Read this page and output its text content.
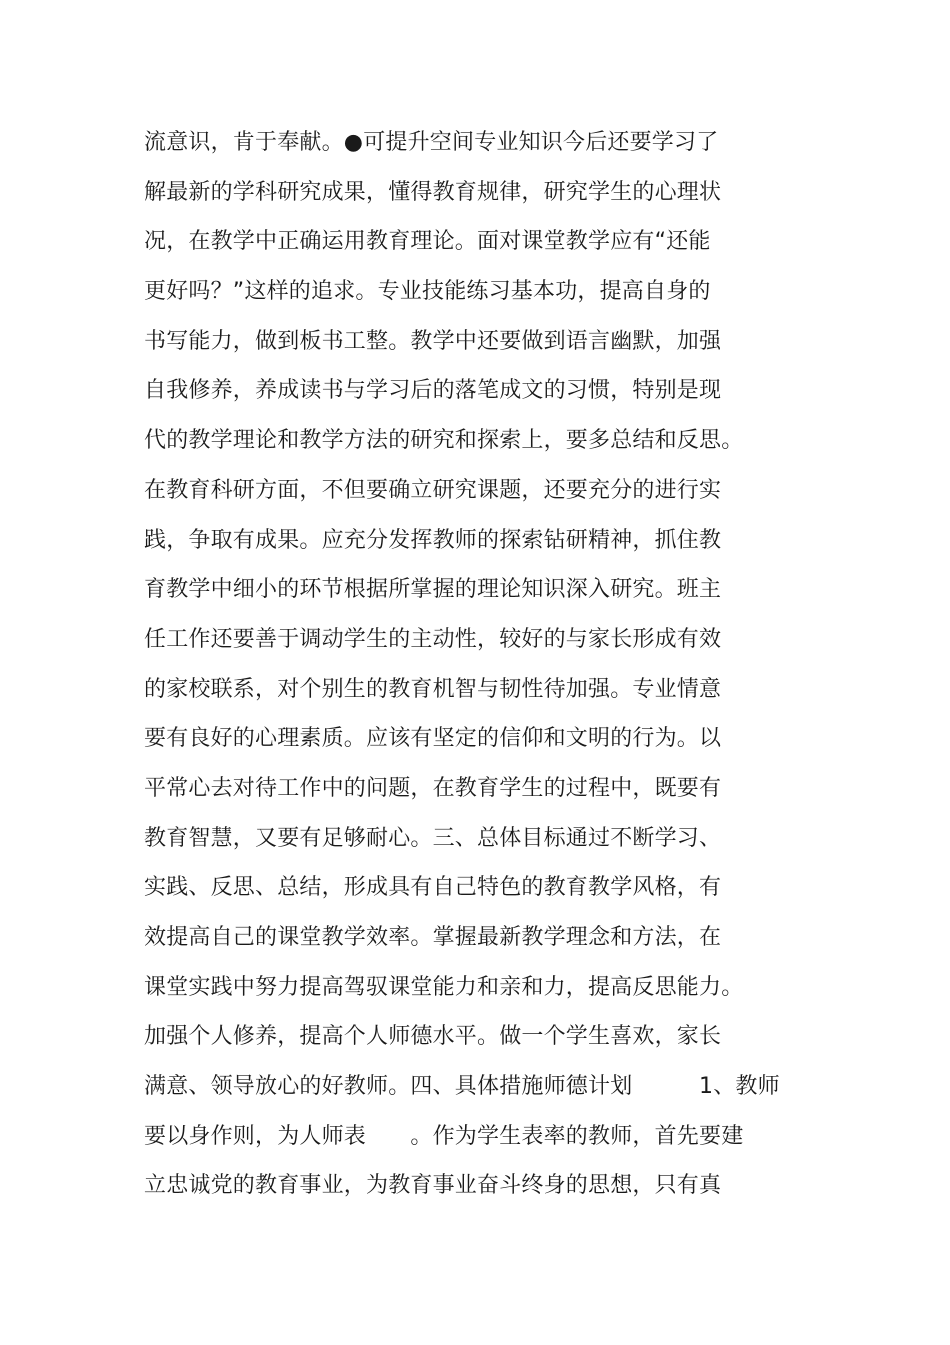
流意识，肯于奉献。●可提升空间专业知识今后还要学习了
解最新的学科研究成果，懂得教育规律，研究学生的心理状
况，在教学中正确运用教育理论。面对课堂教学应有“还能
更好吗？”这样的追求。专业技能练习基本功，提高自身的
书写能力，做到板书工整。教学中还要做到语言幽默，加强
自我修养，养成读书与学习后的落笔成文的习惯，特别是现
代的教学理论和教学方法的研究和探索上，要多总结和反思。
在教育科研方面，不但要确立研究课题，还要充分的进行实
践，争取有成果。应充分发挥教师的探索钻研精神，抓住教
育教学中细小的环节根据所掌握的理论知识深入研究。班主
任工作还要善于调动学生的主动性，较好的与家长形成有效
的家校联系，对个别生的教育机智与韧性待加强。专业情意
要有良好的心理素质。应该有坚定的信仰和文明的行为。以
平常心去对待工作中的问题，在教育学生的过程中，既要有
教育智慧，又要有足够耐心。三、总体目标通过不断学习、
实践、反思、总结，形成具有自己特色的教育教学风格，有
效提高自己的课堂教学效率。掌握最新教学理念和方法，在
课堂实践中努力提高驾驭课堂能力和亲和力，提高反思能力。
加强个人修养，提高个人师德水平。做一个学生喜欢，家长
满意、领导放心的好教师。四、具体措施师德计划　　　1、教师
要以身作则，为人师表　　。作为学生表率的教师，首先要建
立忠诚党的教育事业，为教育事业奋斗终身的思想，只有真
